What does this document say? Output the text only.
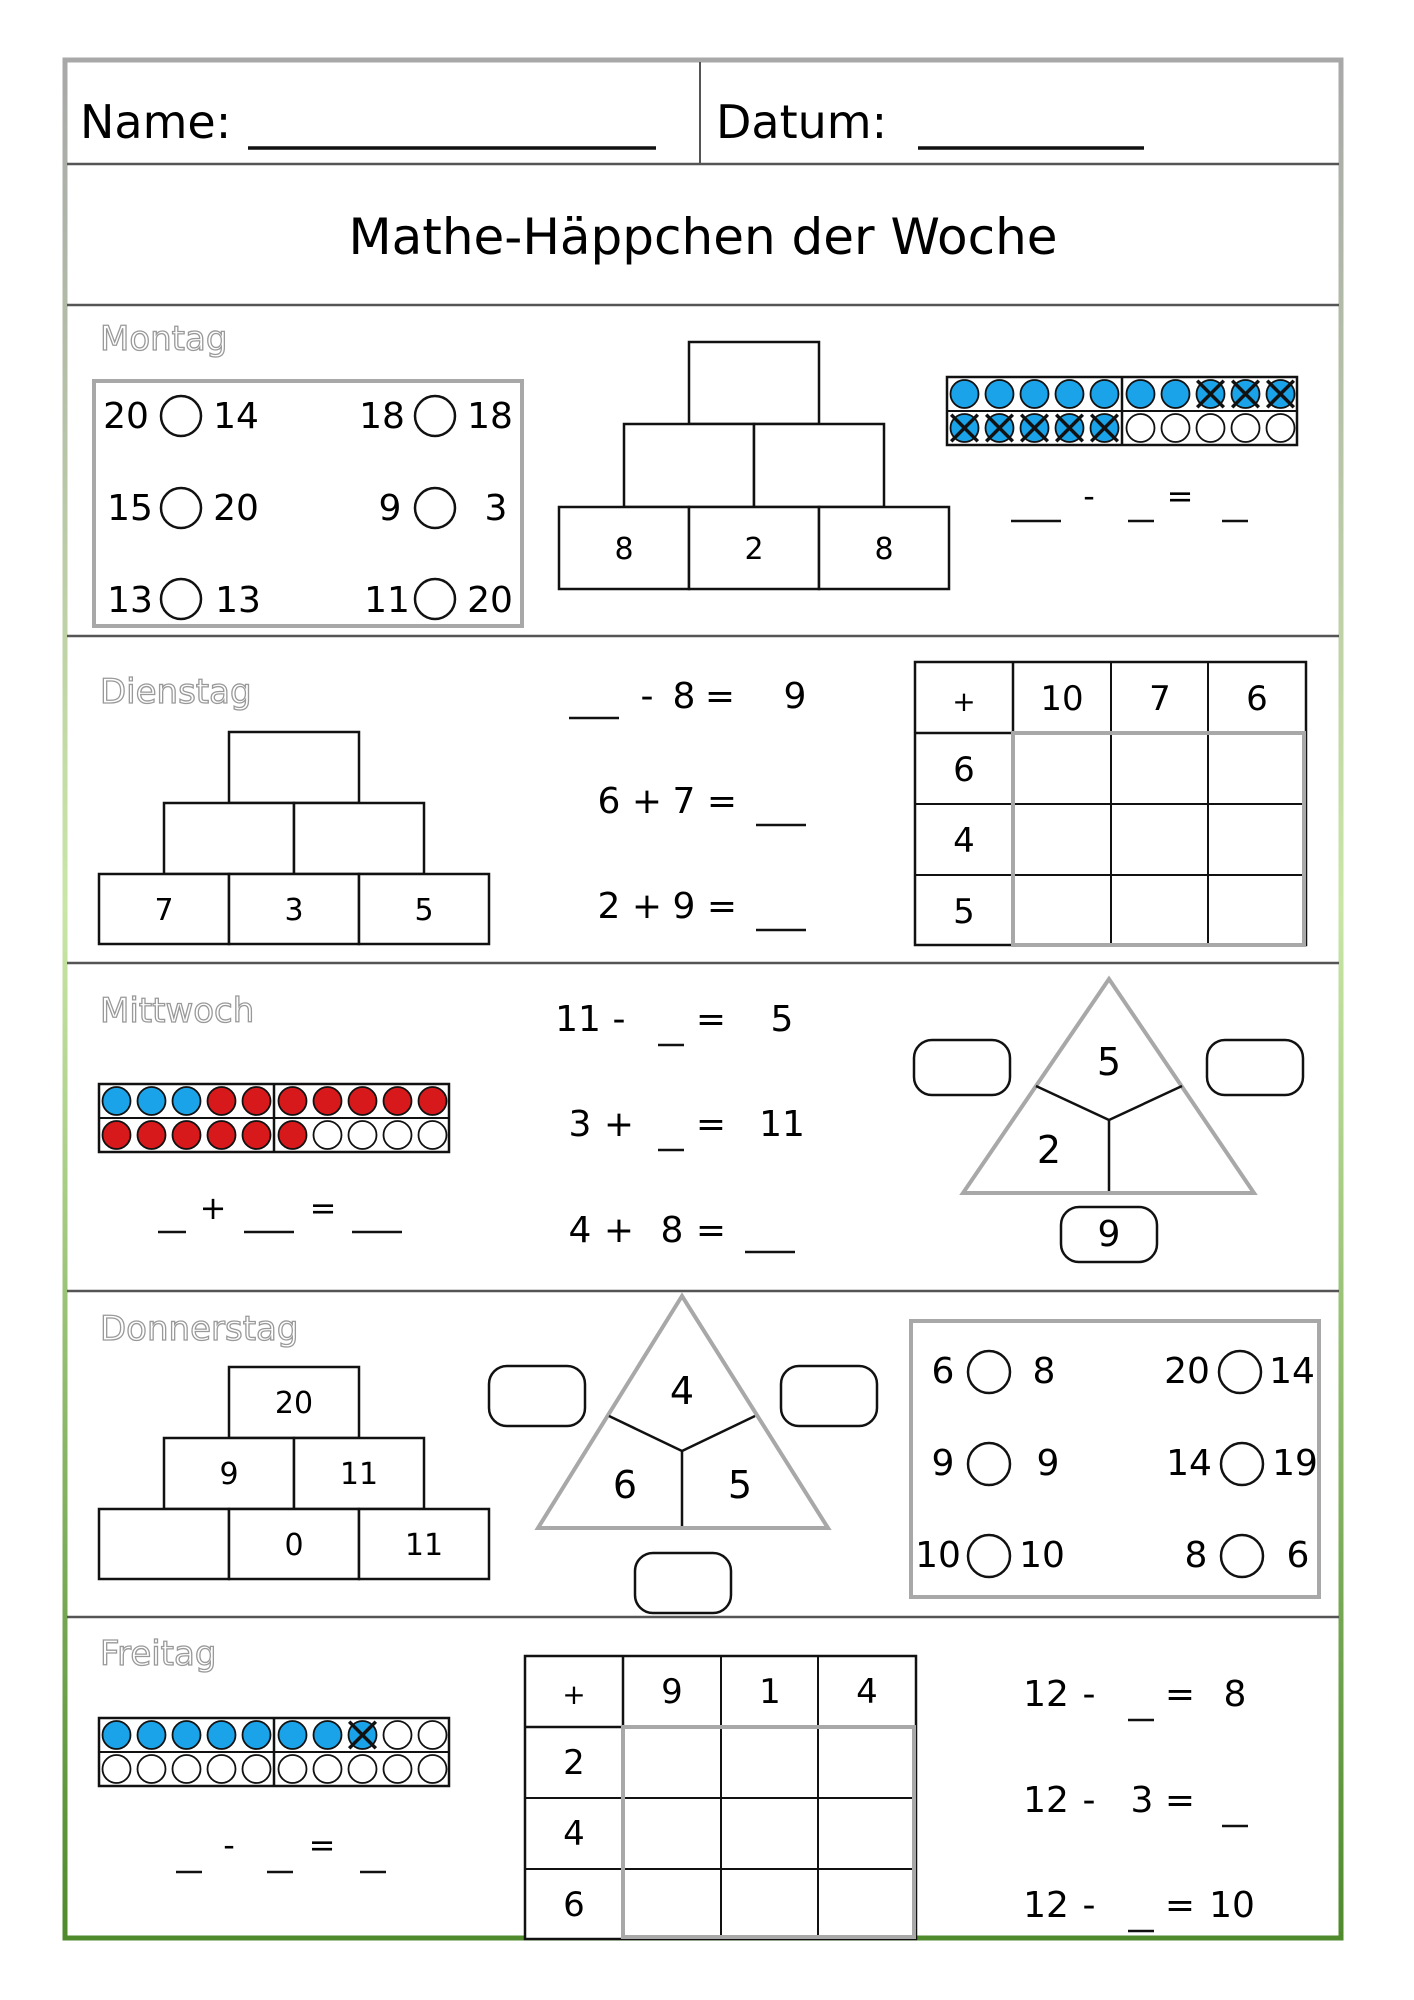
Name:	Datum:
Mathe-Häppchen der Woche
Montag
Dienstag
Mittwoch
Donnerstag
Freitag
20 14	18 18
15 20	9 3
13 13	11 20
8	2	8
- =
7	3	5
- 8 = 9
6 + 7 =
2 + 9 =
+ 10 7 6
6
4
5
+	=
11 - = 5
3 + = 11
4 + 8 =
5
2
9
20
9	11
0	11
4
6 5
6 8	20 14
9 9	14 19
10 10	8 6
- =
+ 9 1 4
2
4
6
12 - = 8
12 - 3 =
12 - = 10
